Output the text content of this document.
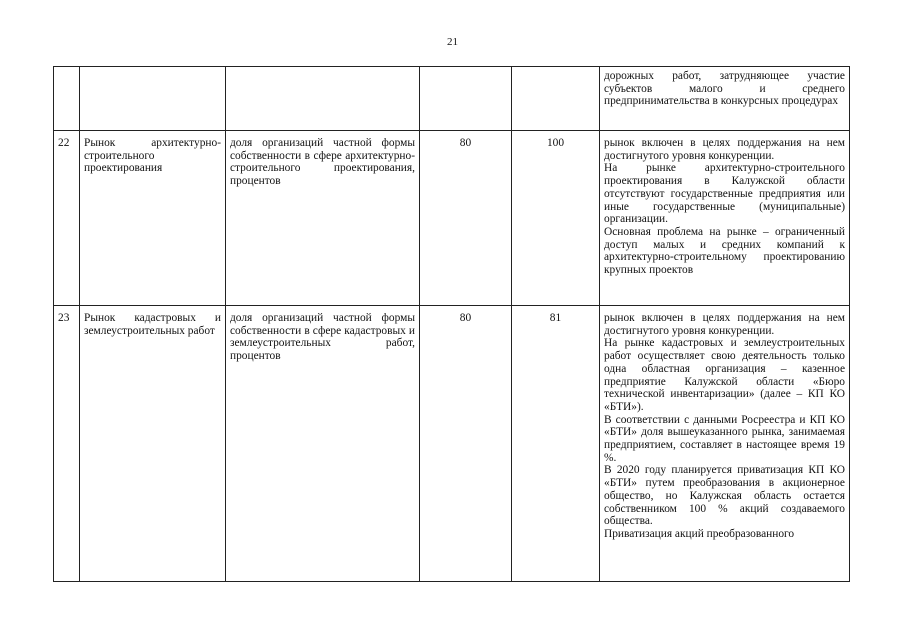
21

					дорожных работ, затрудняющее участие субъектов малого и среднего предпринимательства в конкурсных процедурах

22	Рынок архитектурно-строительного проектирования	доля организаций частной формы собственности в сфере архитектурно-строительного проектирования, процентов	80	100	рынок включен в целях поддержания на нем достигнутого уровня конкуренции.

На рынке архитектурно-строительного проектирования в Калужской области отсутствуют государственные предприятия или иные государственные (муниципальные) организации.

Основная проблема на рынке – ограниченный доступ малых и средних компаний к архитектурно-строительному проектированию крупных проектов

23	Рынок кадастровых и землеустроительных работ	доля организаций частной формы собственности в сфере кадастровых и землеустроительных работ, процентов	80	81	рынок включен в целях поддержания на нем достигнутого уровня конкуренции.

На рынке кадастровых и землеустроительных работ осуществляет свою деятельность только одна областная организация – казенное предприятие Калужской области «Бюро технической инвентаризации» (далее – КП КО «БТИ»).

В соответствии с данными Росреестра и КП КО «БТИ» доля вышеуказанного рынка, занимаемая предприятием, составляет в настоящее время 19 %.

В 2020 году планируется приватизация КП КО «БТИ» путем преобразования в акционерное общество, но Калужская область остается собственником 100 % акций создаваемого общества.

Приватизация акций преобразованного
